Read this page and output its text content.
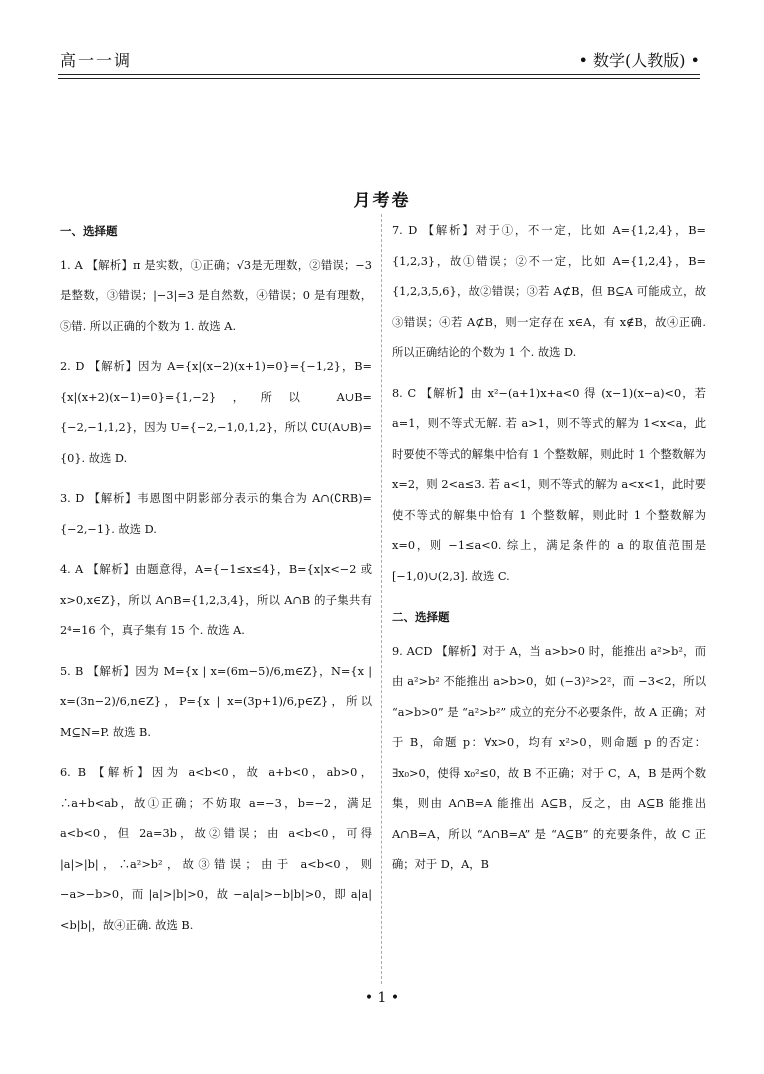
高一一调	• 数学(人教版) •
月考卷
一、选择题
1. A 【解析】π 是实数，①正确；√3是无理数，②错误；−3 是整数，③错误；|−3|=3 是自然数，④错误；0 是有理数，⑤错. 所以正确的个数为 1. 故选 A.
2. D 【解析】因为 A={x|(x−2)(x+1)=0}={−1,2}，B={x|(x+2)(x−1)=0}={1,−2}，所以 A∪B={−2,−1,1,2}，因为 U={−2,−1,0,1,2}，所以 ∁U(A∪B)={0}. 故选 D.
3. D 【解析】韦恩图中阴影部分表示的集合为 A∩(∁RB)={−2,−1}. 故选 D.
4. A 【解析】由题意得，A={−1≤x≤4}，B={x|x<−2 或 x>0,x∈Z}，所以 A∩B={1,2,3,4}，所以 A∩B 的子集共有 2⁴=16 个，真子集有 15 个. 故选 A.
5. B 【解析】因为 M={x | x=(6m−5)/6,m∈Z}，N={x | x=(3n−2)/6,n∈Z}，P={x | x=(3p+1)/6,p∈Z}，所以 M⊆N=P. 故选 B.
6. B 【解析】因为 a<b<0，故 a+b<0，ab>0，∴a+b<ab，故①正确；不妨取 a=−3，b=−2，满足 a<b<0，但 2a=3b，故②错误；由 a<b<0，可得 |a|>|b|，∴a²>b²，故③错误；由于 a<b<0，则 −a>−b>0，而 |a|>|b|>0，故 −a|a|>−b|b|>0，即 a|a|<b|b|，故④正确. 故选 B.
7. D 【解析】对于①，不一定，比如 A={1,2,4}，B={1,2,3}，故①错误；②不一定，比如 A={1,2,4}，B={1,2,3,5,6}，故②错误；③若 A⊄B，但 B⊆A 可能成立，故③错误；④若 A⊄B，则一定存在 x∈A，有 x∉B，故④正确. 所以正确结论的个数为 1 个. 故选 D.
8. C 【解析】由 x²−(a+1)x+a<0 得 (x−1)(x−a)<0，若 a=1，则不等式无解. 若 a>1，则不等式的解为 1<x<a，此时要使不等式的解集中恰有 1 个整数解，则此时 1 个整数解为 x=2，则 2<a≤3. 若 a<1，则不等式的解为 a<x<1，此时要使不等式的解集中恰有 1 个整数解，则此时 1 个整数解为 x=0，则 −1≤a<0. 综上，满足条件的 a 的取值范围是 [−1,0)∪(2,3]. 故选 C.
二、选择题
9. ACD 【解析】对于 A，当 a>b>0 时，能推出 a²>b²，而由 a²>b² 不能推出 a>b>0，如 (−3)²>2²，而 −3<2，所以 “a>b>0” 是 “a²>b²” 成立的充分不必要条件，故 A 正确；对于 B，命题 p：∀x>0，均有 x²>0，则命题 p 的否定：∃x₀>0，使得 x₀²≤0，故 B 不正确；对于 C，A，B 是两个数集，则由 A∩B=A 能推出 A⊆B，反之，由 A⊆B 能推出 A∩B=A，所以 “A∩B=A” 是 “A⊆B” 的充要条件，故 C 正确；对于 D，A，B
• 1 •
